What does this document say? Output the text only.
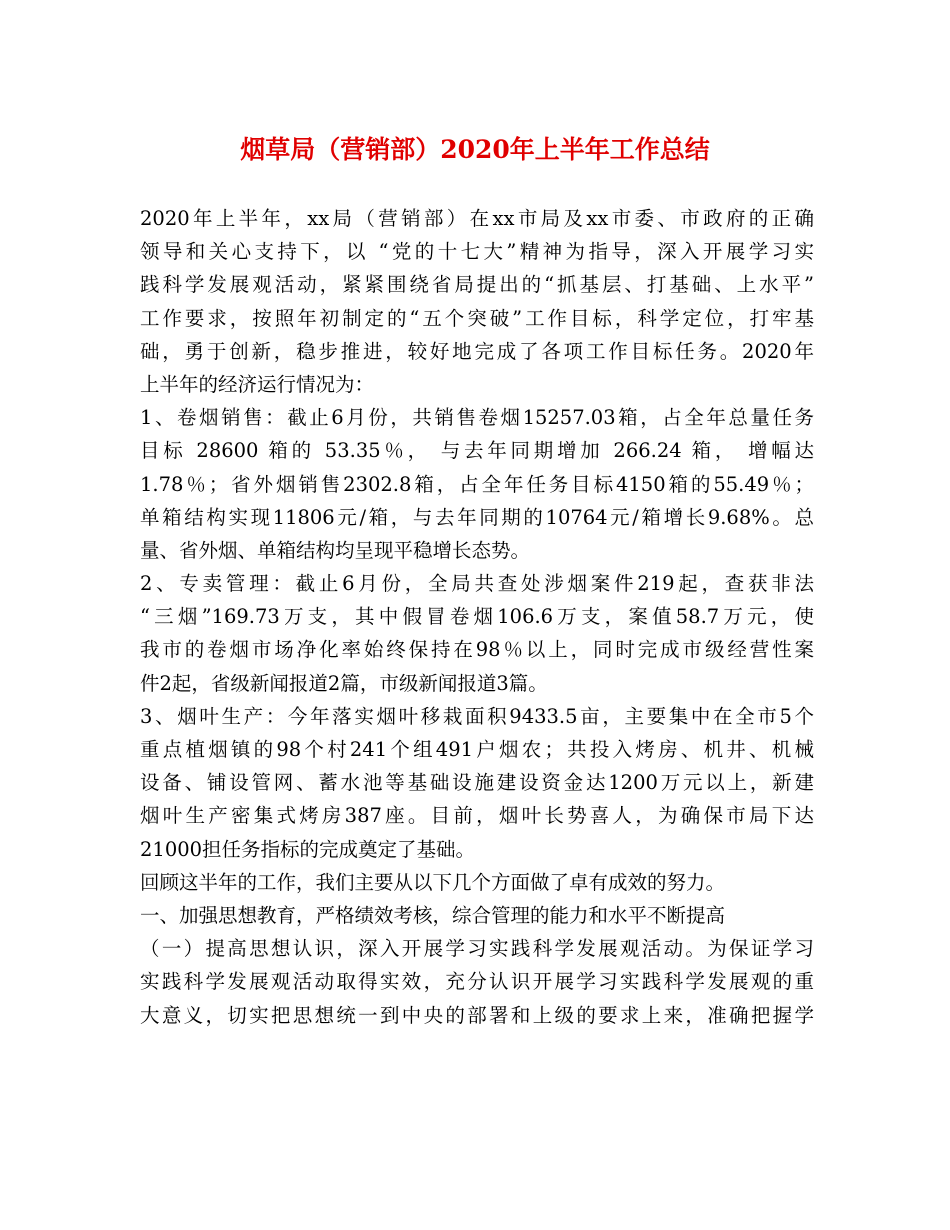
烟草局（营销部）2020年上半年工作总结
2020年上半年，xx局（营销部）在xx市局及xx市委、市政府的正确
领导和关心支持下，以 “党的十七大”精神为指导，深入开展学习实
践科学发展观活动，紧紧围绕省局提出的“抓基层、打基础、上水平”
工作要求，按照年初制定的“五个突破”工作目标，科学定位，打牢基
础，勇于创新，稳步推进，较好地完成了各项工作目标任务。2020年
上半年的经济运行情况为：
1、卷烟销售：截止6月份，共销售卷烟15257.03箱，占全年总量任务
目标 28600 箱的 53.35％， 与去年同期增加 266.24 箱， 增幅达
1.78％；省外烟销售2302.8箱，占全年任务目标4150箱的55.49％；
单箱结构实现11806元/箱，与去年同期的10764元/箱增长9.68%。总
量、省外烟、单箱结构均呈现平稳增长态势。
2、专卖管理：截止6月份，全局共查处涉烟案件219起，查获非法
“三烟”169.73万支，其中假冒卷烟106.6万支，案值58.7万元，使
我市的卷烟市场净化率始终保持在98％以上，同时完成市级经营性案
件2起，省级新闻报道2篇，市级新闻报道3篇。
3、烟叶生产：今年落实烟叶移栽面积9433.5亩，主要集中在全市5个
重点植烟镇的98个村241个组491户烟农；共投入烤房、机井、机械
设备、铺设管网、蓄水池等基础设施建设资金达1200万元以上，新建
烟叶生产密集式烤房387座。目前，烟叶长势喜人，为确保市局下达
21000担任务指标的完成奠定了基础。
回顾这半年的工作，我们主要从以下几个方面做了卓有成效的努力。
一、加强思想教育，严格绩效考核，综合管理的能力和水平不断提高
（一）提高思想认识，深入开展学习实践科学发展观活动。为保证学习
实践科学发展观活动取得实效，充分认识开展学习实践科学发展观的重
大意义，切实把思想统一到中央的部署和上级的要求上来，准确把握学
